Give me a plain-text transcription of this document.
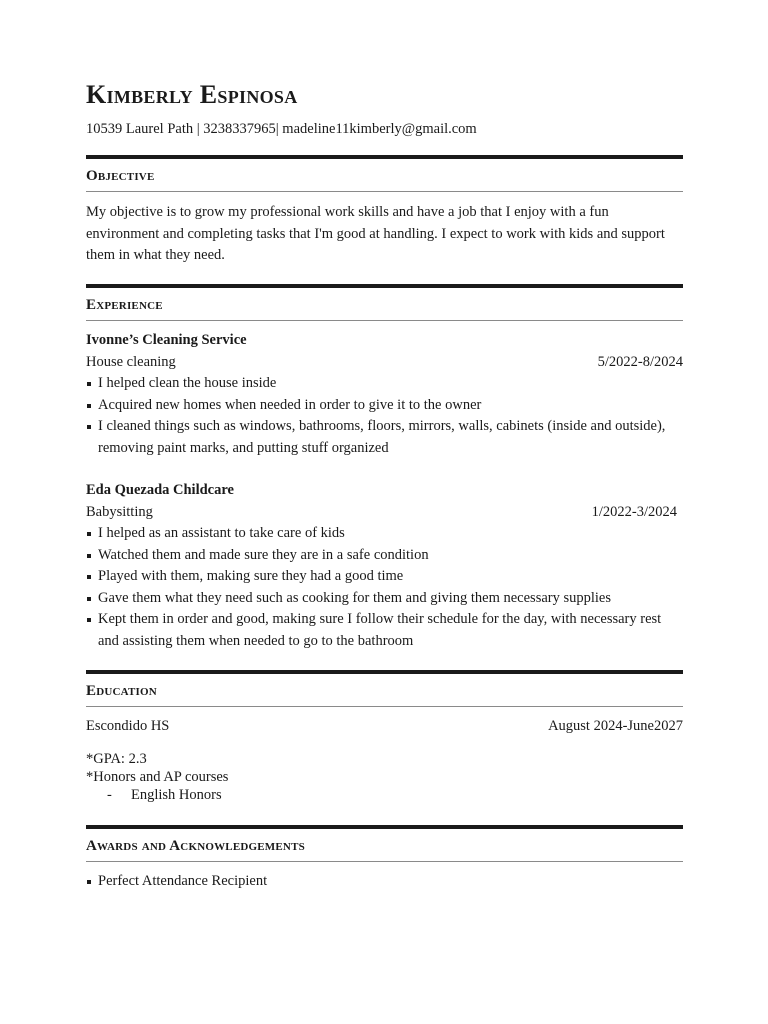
Kimberly Espinosa
10539 Laurel Path | 3238337965| madeline11kimberly@gmail.com
Objective

My objective is to grow my professional work skills and have a job that I enjoy with a fun environment and completing tasks that I'm good at handling. I expect to work with kids and support them in what they need.

Experience

Ivonne’s Cleaning Service

House cleaning	5/2022-8/2024
I helped clean the house inside
Acquired new homes when needed in order to give it to the owner
I cleaned things such as windows, bathrooms, floors, mirrors, walls, cabinets (inside and outside), removing paint marks, and putting stuff organized

Eda Quezada Childcare

Babysitting	1/2022-3/2024
I helped as an assistant to take care of kids
Watched them and made sure they are in a safe condition
Played with them, making sure they had a good time
Gave them what they need such as cooking for them and giving them necessary supplies
Kept them in order and good, making sure I follow their schedule for the day, with necessary rest and assisting them when needed to go to the bathroom
Education
Escondido HS	August 2024-June2027

*GPA: 2.3

*Honors and AP courses

-	English Honors
Awards and Acknowledgements
Perfect Attendance Recipient
